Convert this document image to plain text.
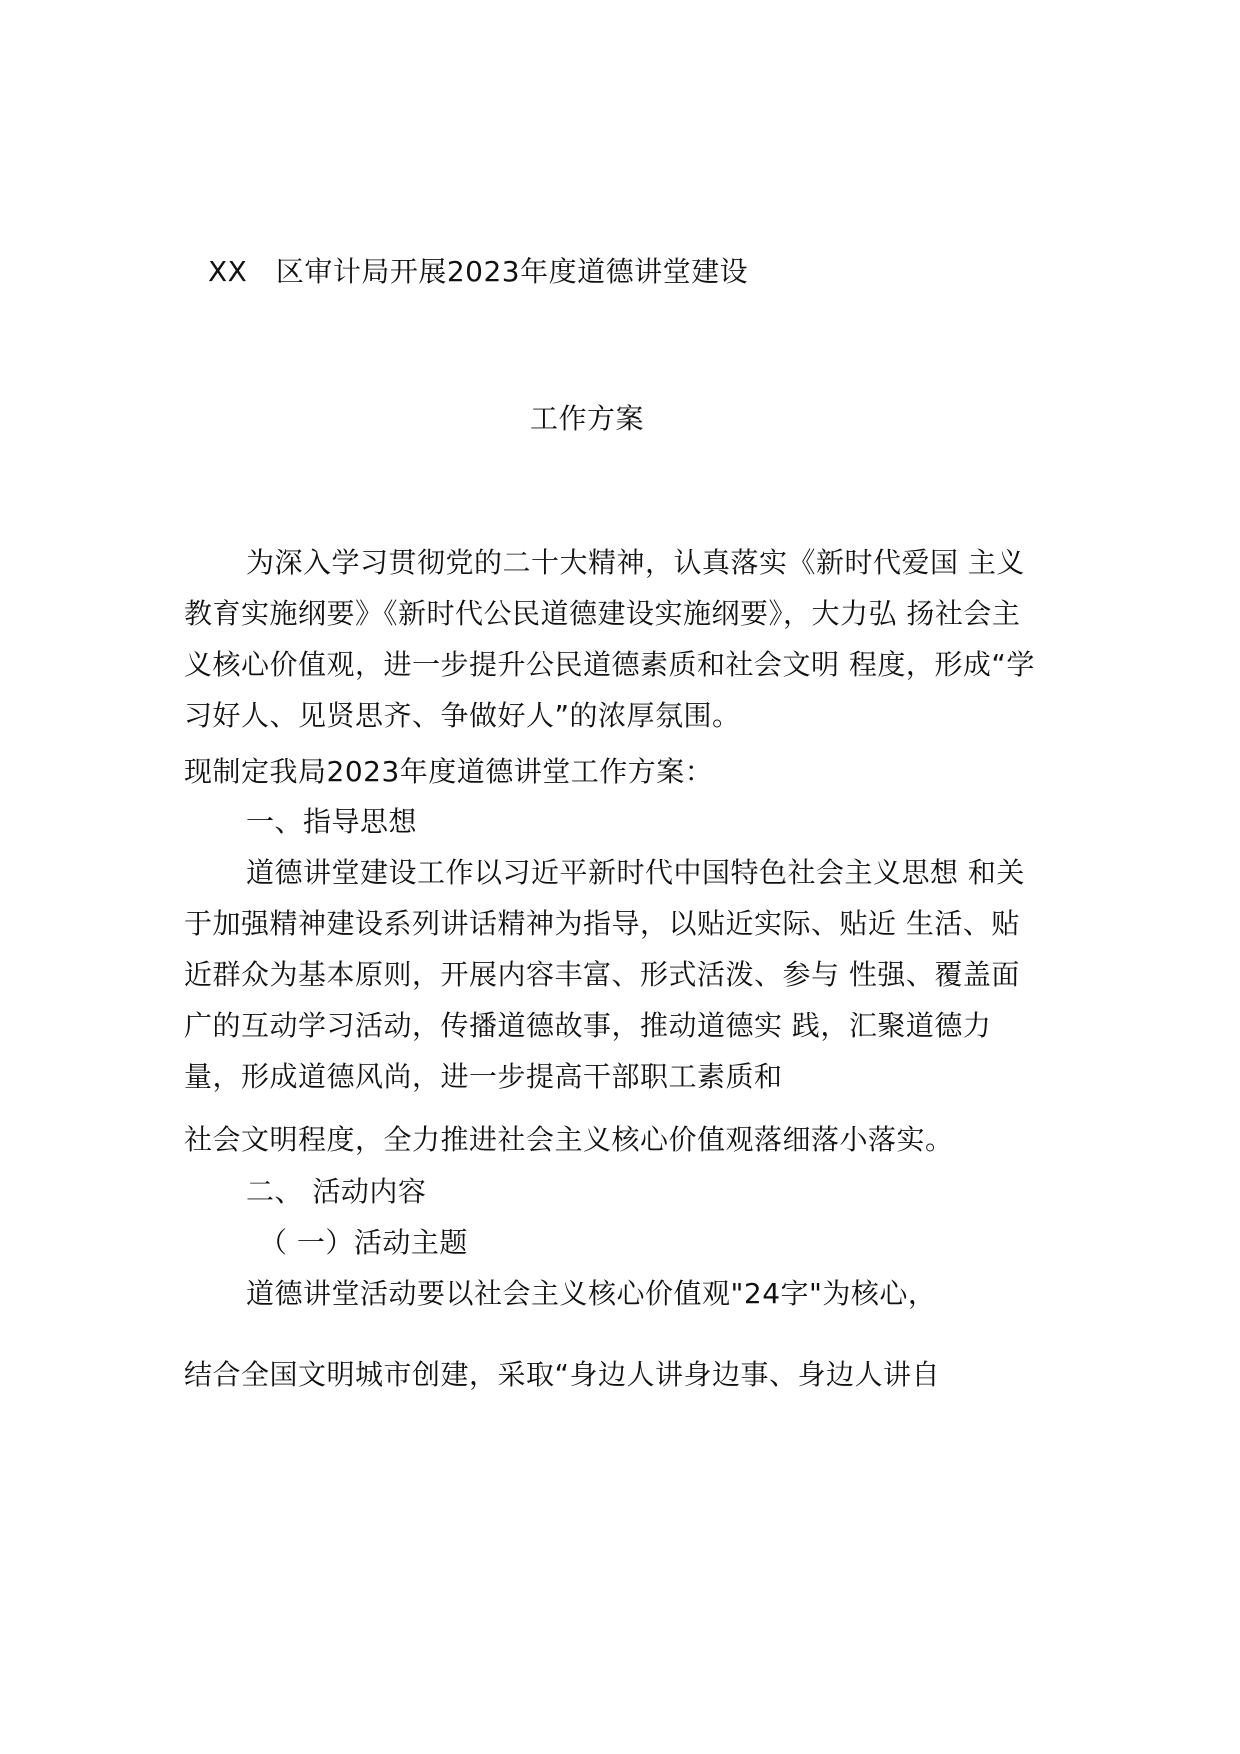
XX　区审计局开展2023年度道德讲堂建设
工作方案

为深入学习贯彻党的二十大精神，认真落实《新时代爱国 主义

教育实施纲要》《新时代公民道德建设实施纲要》，大力弘 扬社会主

义核心价值观，进一步提升公民道德素质和社会文明 程度，形成“学

习好人、见贤思齐、争做好人”的浓厚氛围。

现制定我局2023年度道德讲堂工作方案：

一、指导思想

道德讲堂建设工作以习近平新时代中国特色社会主义思想 和关

于加强精神建设系列讲话精神为指导，以贴近实际、贴近 生活、贴

近群众为基本原则，开展内容丰富、形式活泼、参与 性强、覆盖面

广的互动学习活动，传播道德故事，推动道德实 践，汇聚道德力

量，形成道德风尚，进一步提高干部职工素质和

社会文明程度，全力推进社会主义核心价值观落细落小落实。

二、 活动内容

（ 一）活动主题

道德讲堂活动要以社会主义核心价值观"24字"为核心，

结合全国文明城市创建，采取“身边人讲身边事、身边人讲自
